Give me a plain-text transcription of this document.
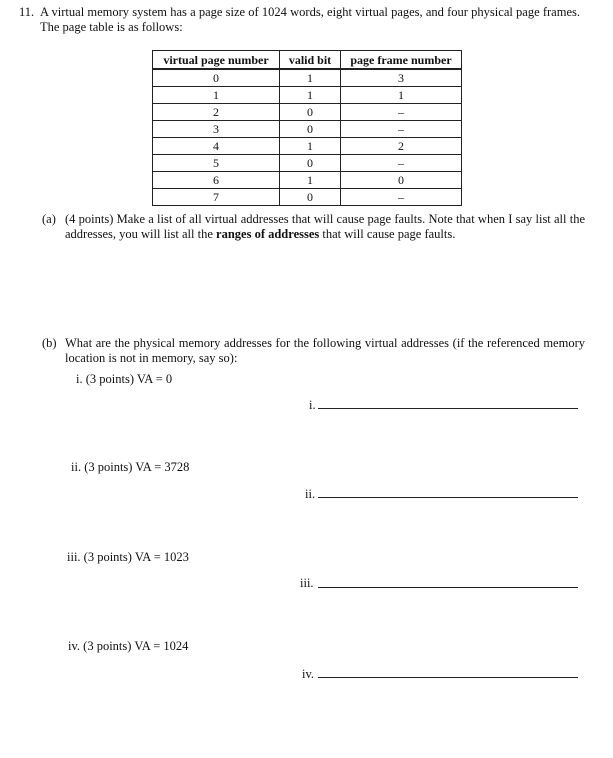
11. A virtual memory system has a page size of 1024 words, eight virtual pages, and four physical page frames. The page table is as follows:
virtual page number	valid bit	page frame number
0	1	3
1	1	1
2	0	–
3	0	–
4	1	2
5	0	–
6	1	0
7	0	–
(a) (4 points) Make a list of all virtual addresses that will cause page faults. Note that when I say list all the addresses, you will list all the ranges of addresses that will cause page faults.
(b) What are the physical memory addresses for the following virtual addresses (if the referenced memory location is not in memory, say so):
i. (3 points) VA = 0
i.
ii. (3 points) VA = 3728
ii.
iii. (3 points) VA = 1023
iii.
iv. (3 points) VA = 1024
iv.
